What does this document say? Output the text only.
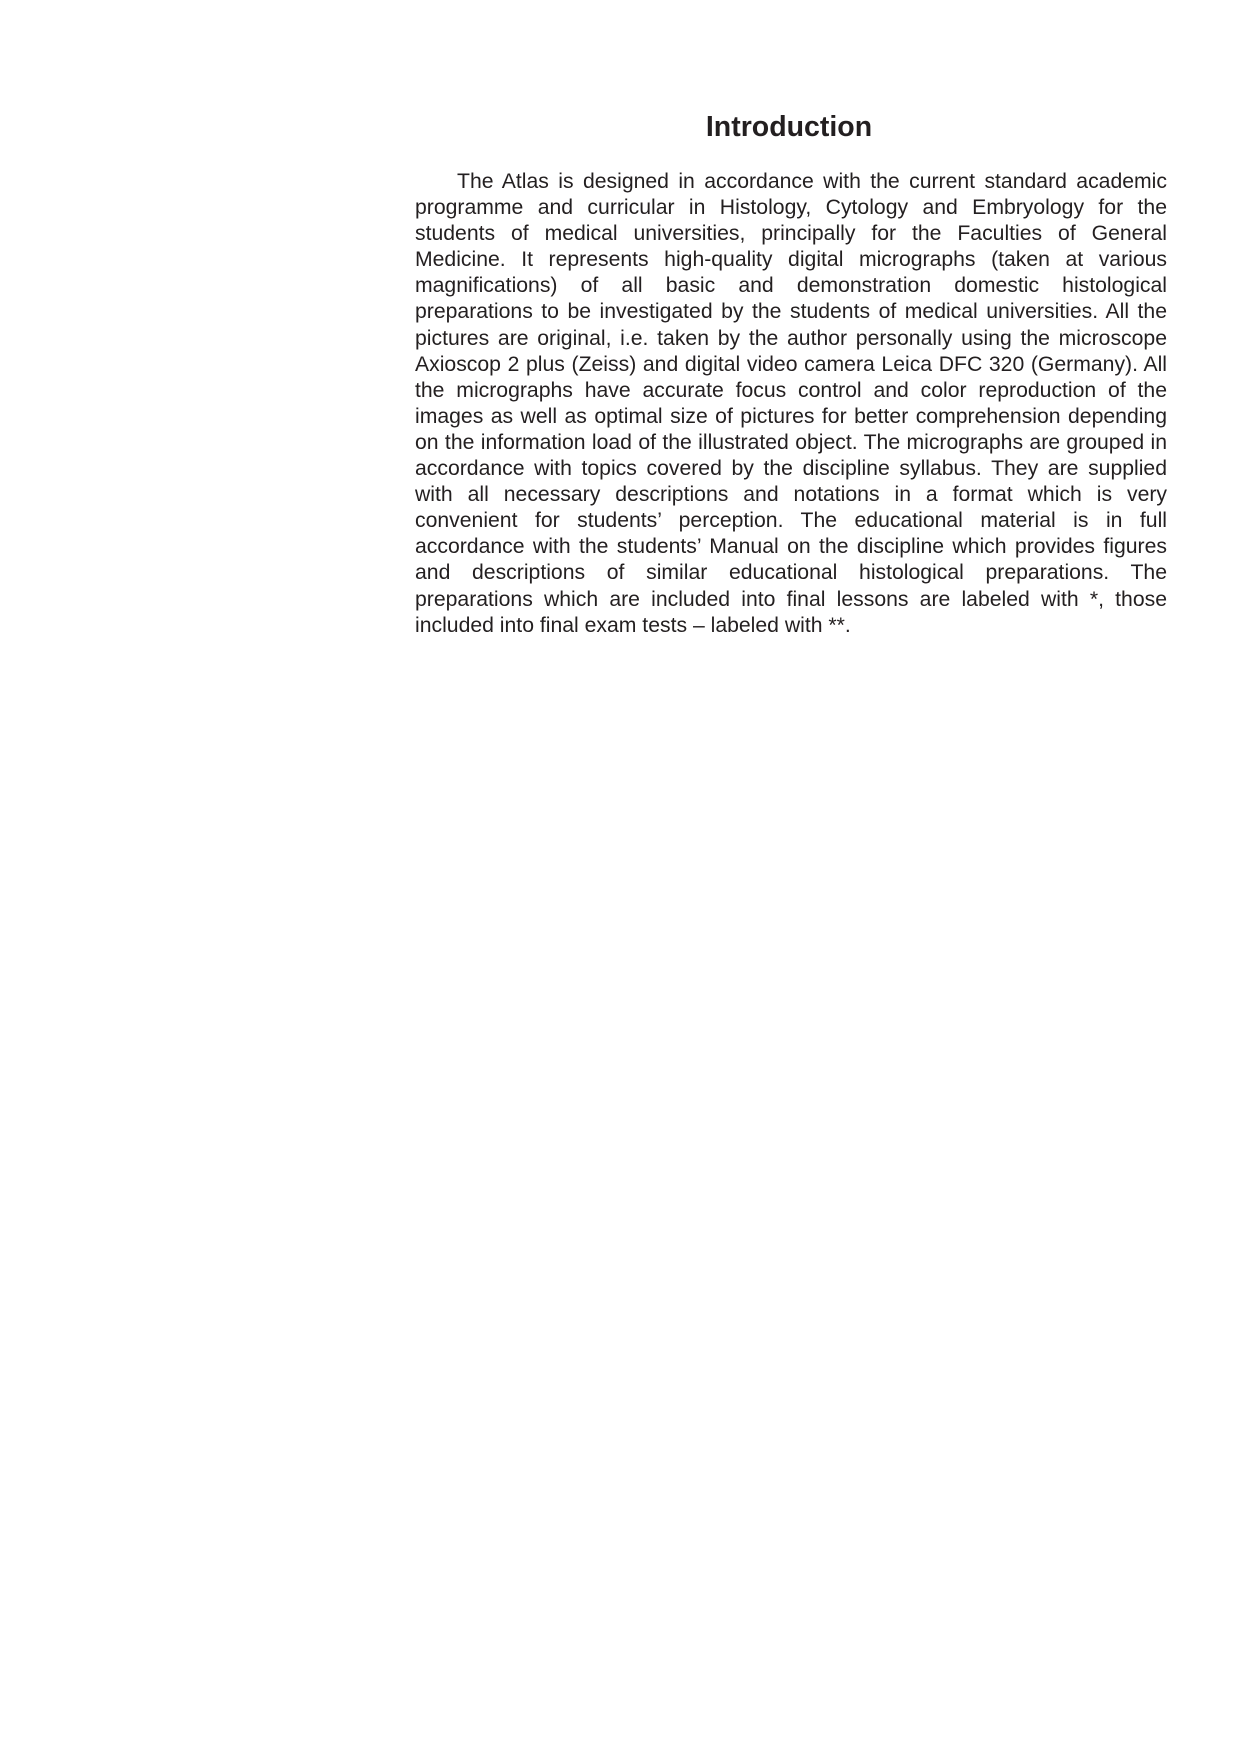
Introduction

The Atlas is designed in accordance with the current standard academic programme and curricular in Histology, Cytology and Embryology for the students of medical universities, principally for the Faculties of General Medicine. It represents high-quality digital micrographs (taken at various magnifications) of all basic and demonstration domestic histological preparations to be investigated by the students of medical universities. All the pictures are original, i.e. taken by the author personally using the microscope Axioscop 2 plus (Zeiss) and digital video camera Leica DFC 320 (Germany). All the micrographs have accurate focus control and color reproduction of the images as well as optimal size of pictures for better comprehension depending on the information load of the illustrated object. The micrographs are grouped in accordance with topics covered by the discipline syllabus. They are supplied with all necessary descriptions and notations in a format which is very convenient for students’ perception. The educational material is in full accordance with the students’ Manual on the discipline which provides figures and descriptions of similar educational histological preparations. The preparations which are included into final lessons are labeled with *, those included into final exam tests – labeled with **.
